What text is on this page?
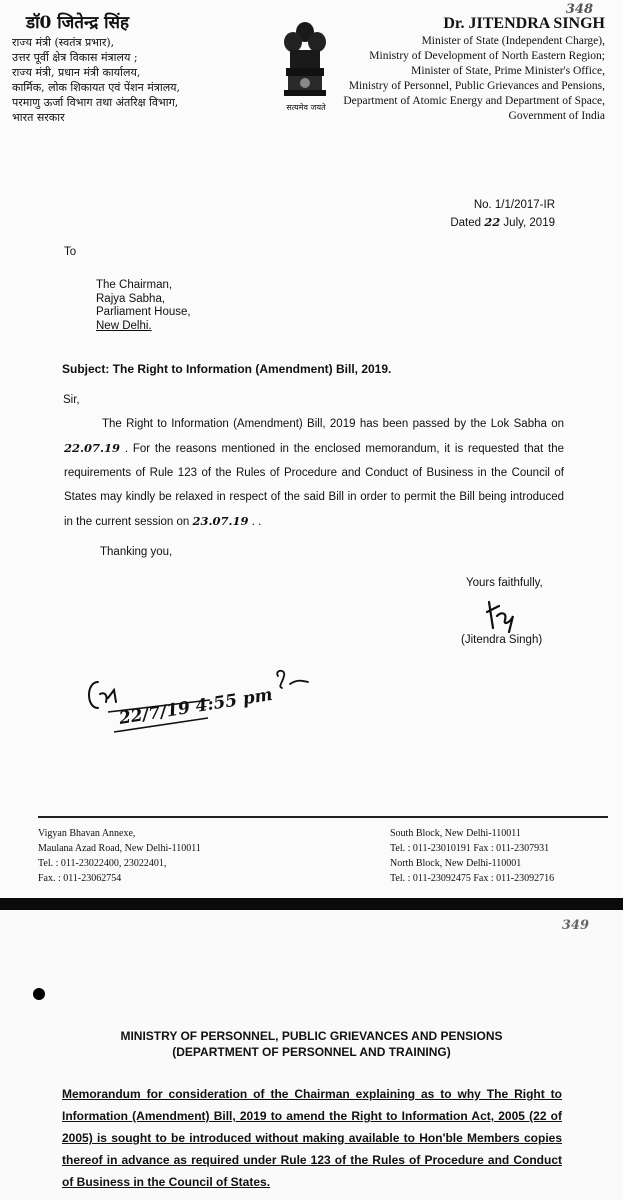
348
डॉ0 जितेन्द्र सिंह
राज्य मंत्री (स्वतंत्र प्रभार),
उत्तर पूर्वी क्षेत्र विकास मंत्रालय ;
राज्य मंत्री, प्रधान मंत्री कार्यालय,
कार्मिक, लोक शिकायत एवं पेंशन मंत्रालय,
परमाणु ऊर्जा विभाग तथा अंतरिक्ष विभाग,
भारत सरकार
सत्यमेव जयते
Dr. JITENDRA SINGH
Minister of State (Independent Charge),
Ministry of Development of North Eastern Region;
Minister of State, Prime Minister's Office,
Ministry of Personnel, Public Grievances and Pensions,
Department of Atomic Energy and Department of Space,
Government of India
No. 1/1/2017-IR
Dated 22 July, 2019
To
The Chairman,
Rajya Sabha,
Parliament House,
New Delhi.
Subject: The Right to Information (Amendment) Bill, 2019.
Sir,
The Right to Information (Amendment) Bill, 2019 has been passed by the Lok Sabha on 22.07.19 . For the reasons mentioned in the enclosed memorandum, it is requested that the requirements of Rule 123 of the Rules of Procedure and Conduct of Business in the Council of States may kindly be relaxed in respect of the said Bill in order to permit the Bill being introduced in the current session on 23.07.19 . .
Thanking you,
Yours faithfully,
(Jitendra Singh)
22/7/19 4:55 pm
Vigyan Bhavan Annexe,
Maulana Azad Road, New Delhi-110011
Tel. : 011-23022400, 23022401,
Fax. : 011-23062754
South Block, New Delhi-110011
Tel. : 011-23010191 Fax : 011-2307931
North Block, New Delhi-110001
Tel. : 011-23092475 Fax : 011-23092716
349
MINISTRY OF PERSONNEL, PUBLIC GRIEVANCES AND PENSIONS
(DEPARTMENT OF PERSONNEL AND TRAINING)
Memorandum for consideration of the Chairman explaining as to why The Right to Information (Amendment) Bill, 2019 to amend the Right to Information Act, 2005 (22 of 2005) is sought to be introduced without making available to Hon'ble Members copies thereof in advance as required under Rule 123 of the Rules of Procedure and Conduct of Business in the Council of States.
